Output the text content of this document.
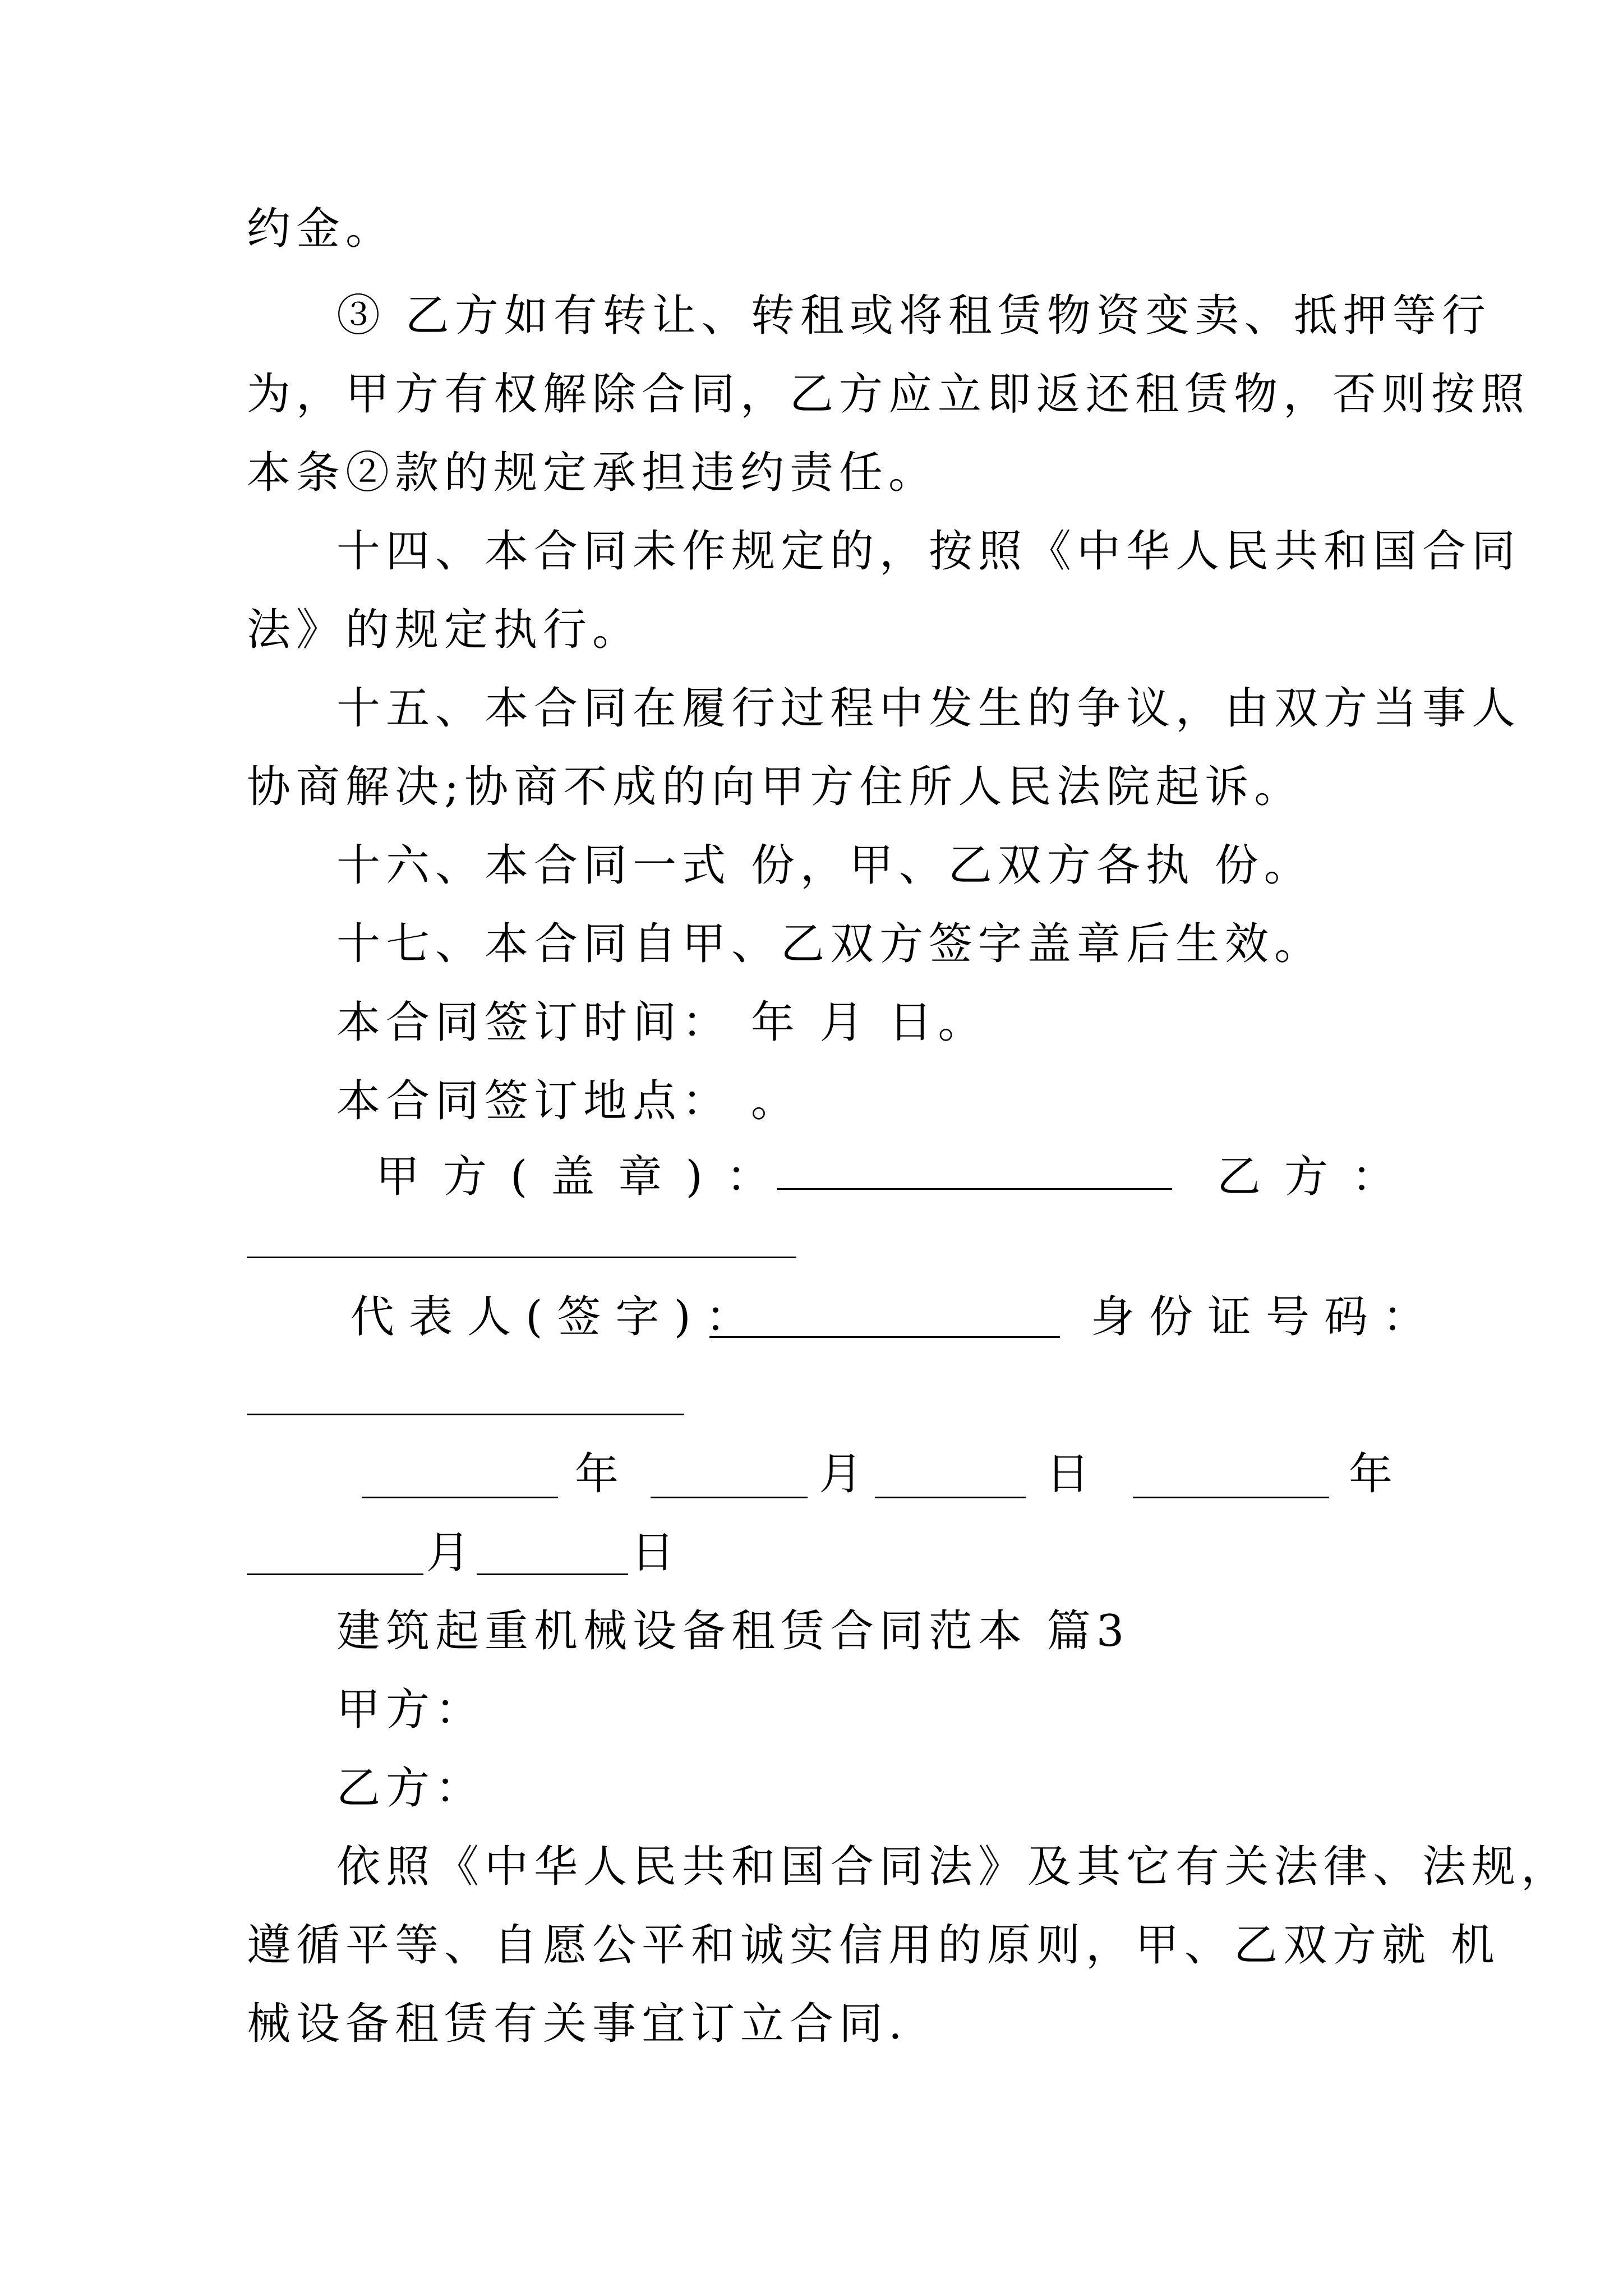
约金。
③ 乙方如有转让、转租或将租赁物资变卖、抵押等行
为，甲方有权解除合同，乙方应立即返还租赁物，否则按照
本条②款的规定承担违约责任。
十四、本合同未作规定的，按照《中华人民共和国合同
法》的规定执行。
十五、本合同在履行过程中发生的争议，由双方当事人
协商解决;协商不成的向甲方住所人民法院起诉。
十六、本合同一式 份，甲、乙双方各执 份。
十七、本合同自甲、乙双方签字盖章后生效。
本合同签订时间： 年 月 日。
本合同签订地点： 。
甲方(盖章)：	乙方：
代表人(签字)：	身份证号码：
年	月	日	年
月	日
建筑起重机械设备租赁合同范本 篇3
甲方：
乙方：
依照《中华人民共和国合同法》及其它有关法律、法规，
遵循平等、自愿公平和诚实信用的原则，甲、乙双方就 机
械设备租赁有关事宜订立合同.
